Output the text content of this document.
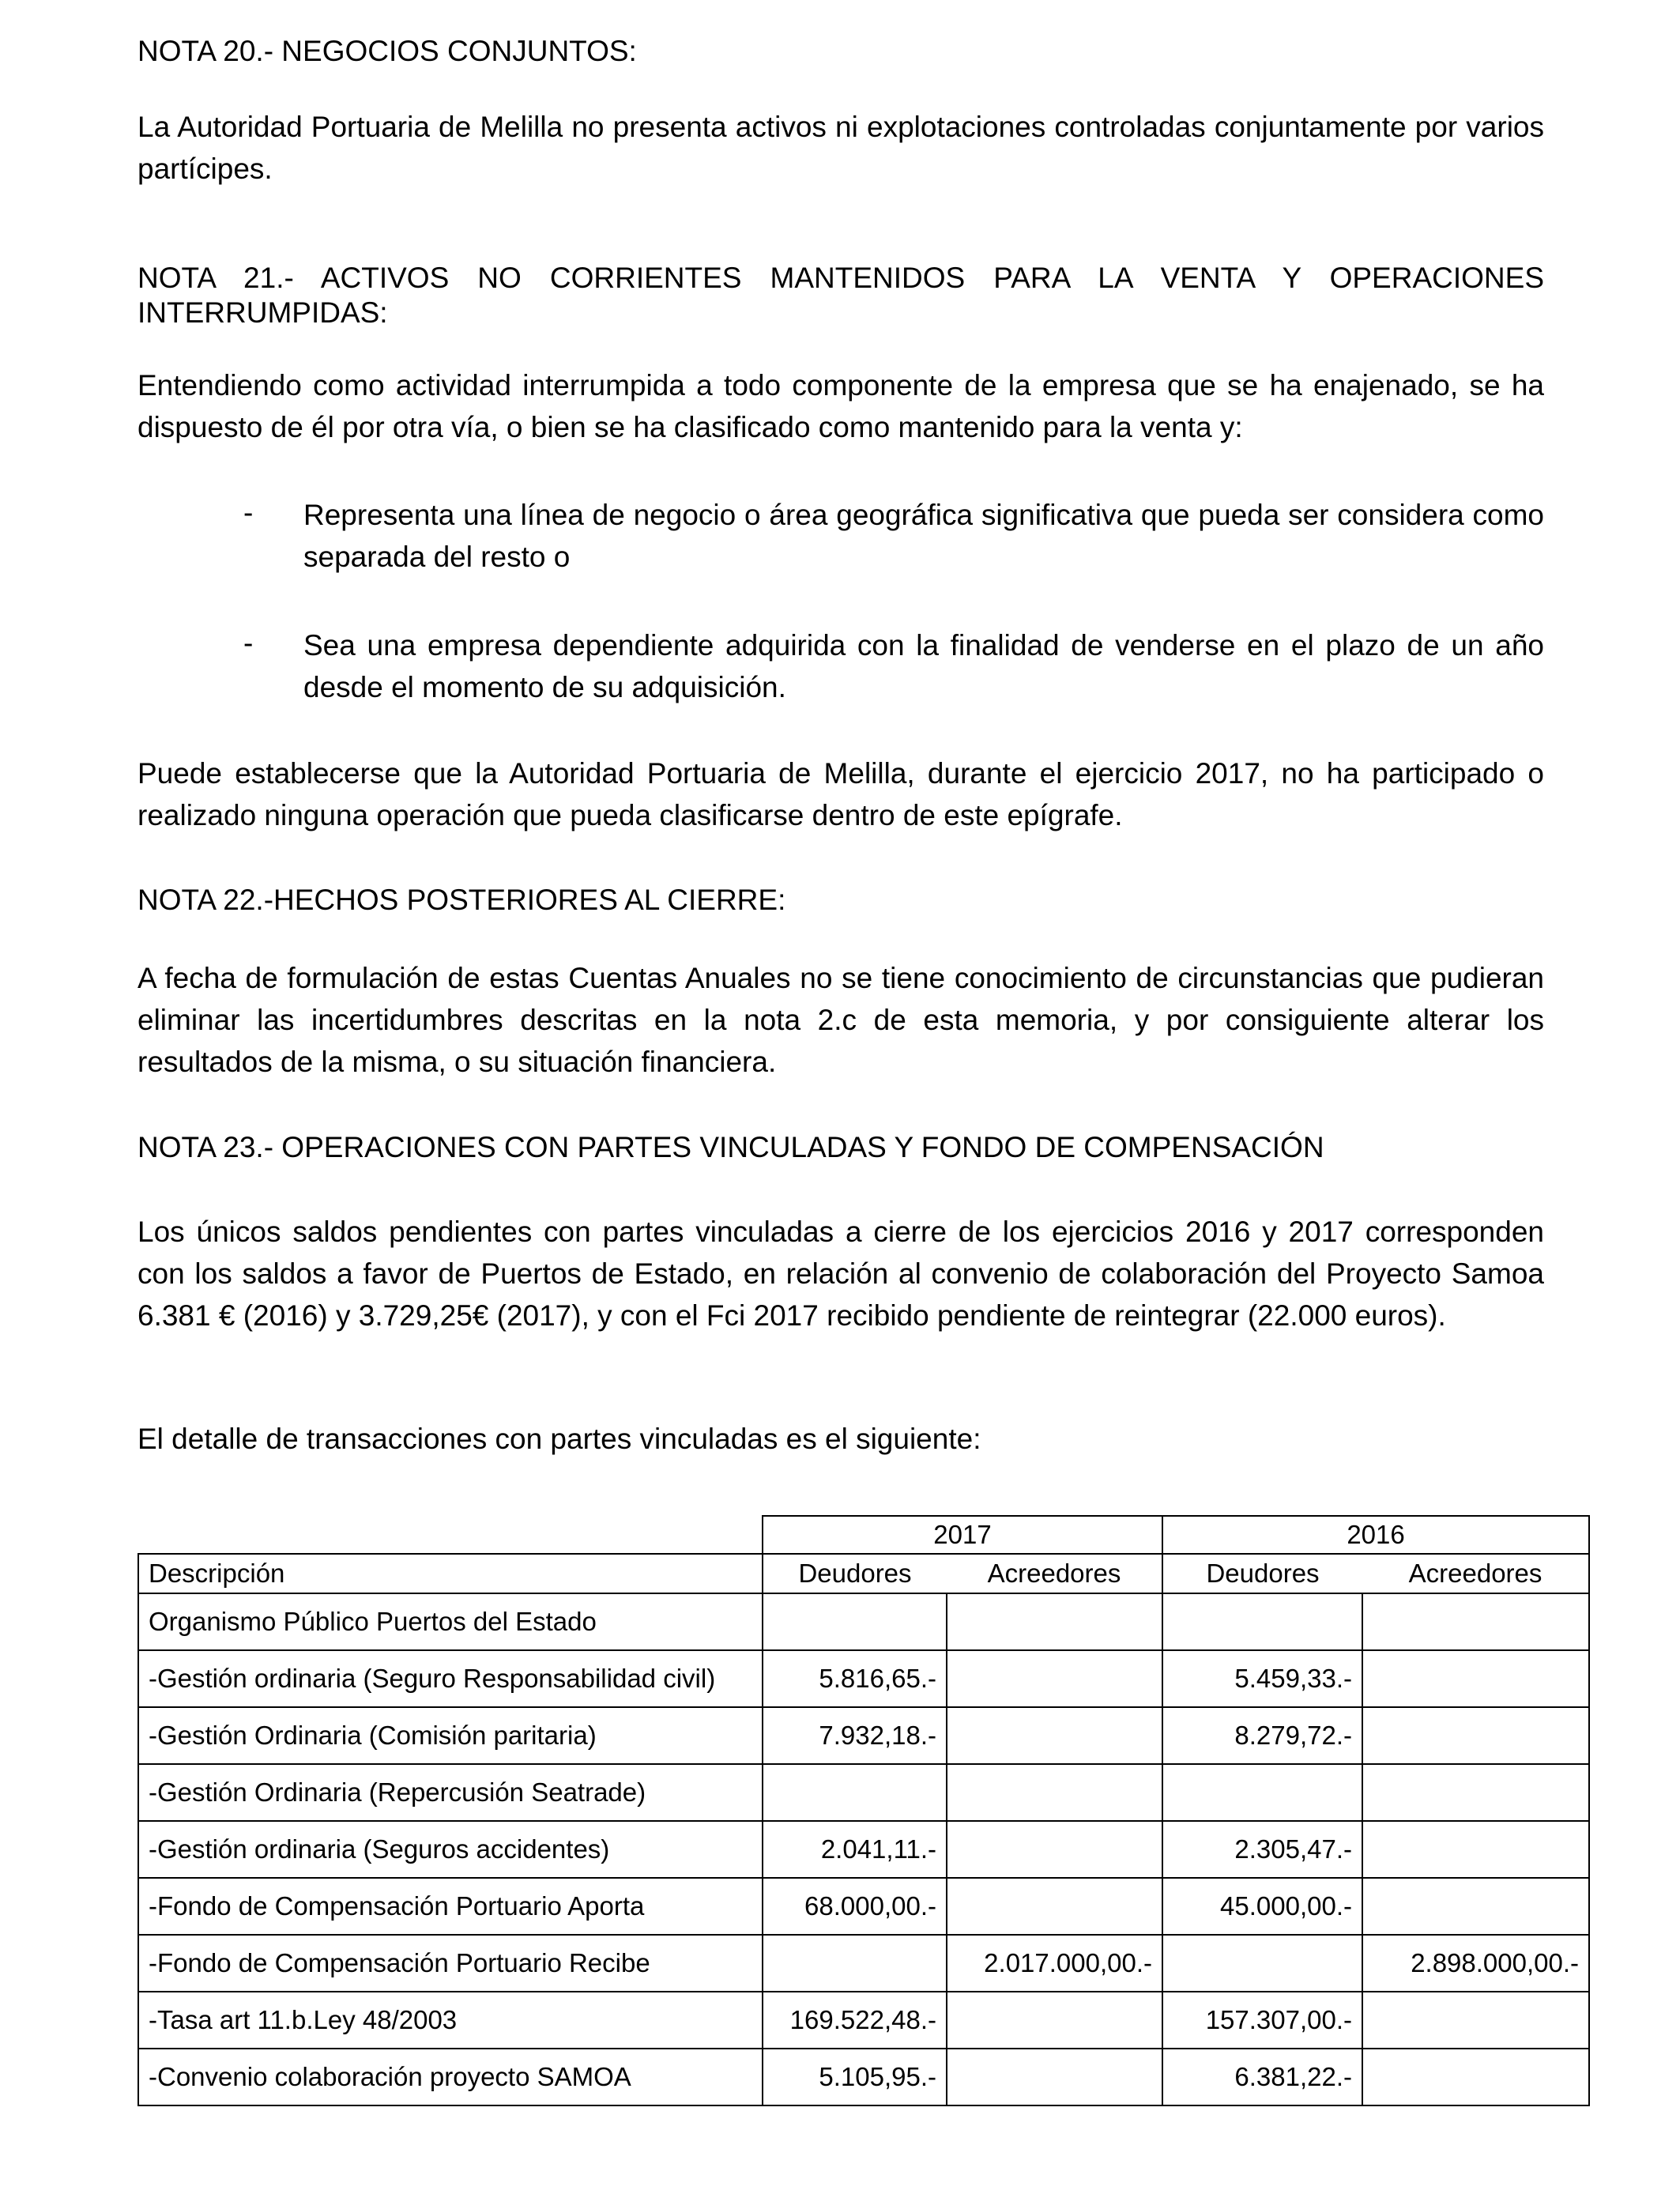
NOTA 20.- NEGOCIOS CONJUNTOS:

La Autoridad Portuaria de Melilla no presenta activos ni explotaciones controladas conjuntamente por varios partícipes.

NOTA 21.- ACTIVOS NO CORRIENTES MANTENIDOS PARA LA VENTA Y OPERACIONES INTERRUMPIDAS:

Entendiendo como actividad interrumpida a todo componente de la empresa que se ha enajenado, se ha dispuesto de él por otra vía, o bien se ha clasificado como mantenido para la venta y:

- Representa una línea de negocio o área geográfica significativa que pueda ser considera como separada del resto o

- Sea una empresa dependiente adquirida con la finalidad de venderse en el plazo de un año desde el momento de su adquisición.

Puede establecerse que la Autoridad Portuaria de Melilla, durante el ejercicio 2017, no ha participado o realizado ninguna operación que pueda clasificarse dentro de este epígrafe.

NOTA 22.-HECHOS POSTERIORES AL CIERRE:

A fecha de formulación de estas Cuentas Anuales no se tiene conocimiento de circunstancias que pudieran eliminar las incertidumbres descritas en la nota 2.c de esta memoria, y por consiguiente alterar los resultados de la misma, o su situación financiera.

NOTA 23.- OPERACIONES CON PARTES VINCULADAS Y FONDO DE COMPENSACIÓN

Los únicos saldos pendientes con partes vinculadas a cierre de los ejercicios 2016 y 2017 corresponden con los saldos a favor de Puertos de Estado, en relación al convenio de colaboración del Proyecto Samoa 6.381 € (2016) y 3.729,25€ (2017), y con el Fci 2017 recibido pendiente de reintegrar (22.000 euros).

El detalle de transacciones con partes vinculadas es el siguiente:

	2017		2016	
Descripción	Deudores	Acreedores	Deudores	Acreedores
Organismo Público Puertos del Estado				
-Gestión ordinaria (Seguro Responsabilidad civil)	5.816,65.-		5.459,33.-	
-Gestión Ordinaria (Comisión paritaria)	7.932,18.-		8.279,72.-	
-Gestión Ordinaria (Repercusión Seatrade)				
-Gestión ordinaria (Seguros accidentes)	2.041,11.-		2.305,47.-	
-Fondo de Compensación Portuario Aporta	68.000,00.-		45.000,00.-	
-Fondo de Compensación Portuario Recibe		2.017.000,00.-		2.898.000,00.-
-Tasa art 11.b.Ley 48/2003	169.522,48.-		157.307,00.-	
-Convenio colaboración proyecto SAMOA	5.105,95.-		6.381,22.-	
